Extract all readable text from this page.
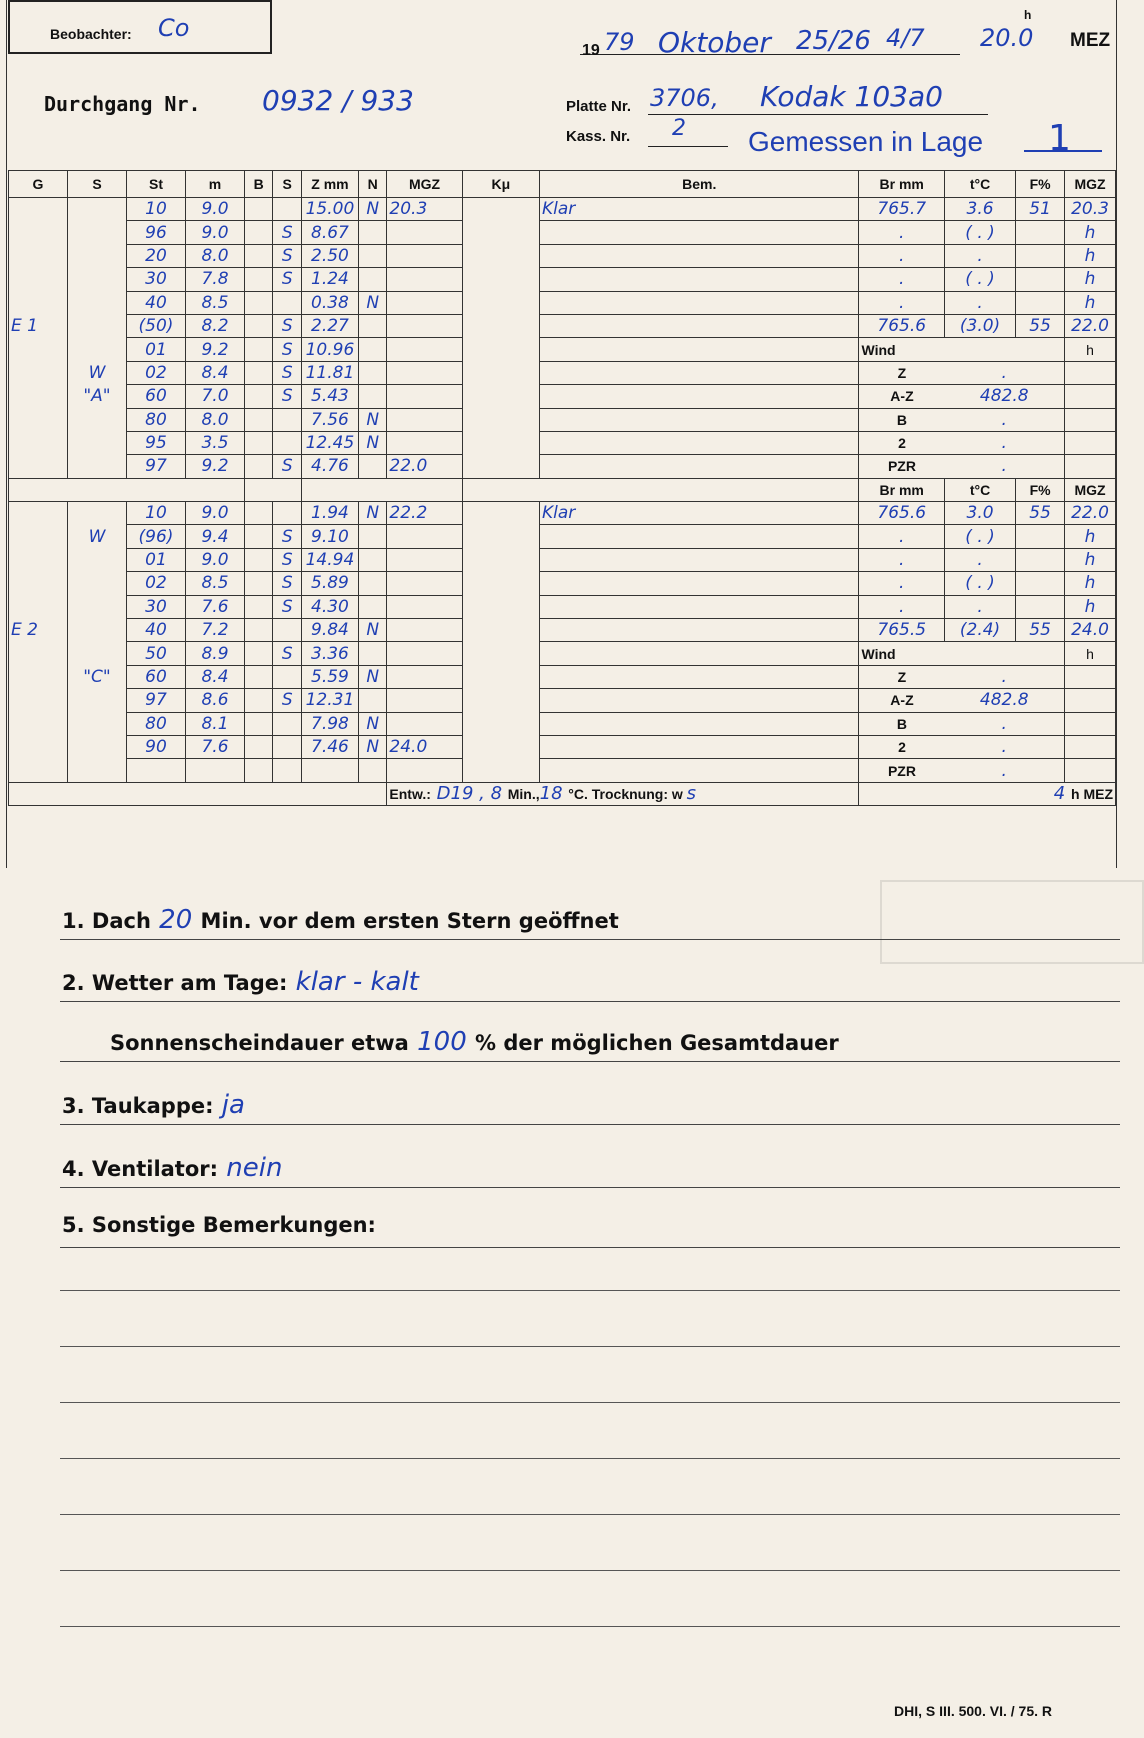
Beobachter: Co
19 79 Oktober 25/26 4/7
h
20.0 MEZ
Durchgang Nr. 0932 / 933	Platte Nr. 3706, Kodak 103a0
Kass. Nr. 2 Gemessen in Lage 1
G	S	St	m	B	S	Z mm	N	MGZ	Kμ	Bem.	Br mm	t°C	F%	MGZ
		10	9.0			15.00	N	20.3		Klar	765.7	3.6	51	20.3
		96	9.0		S	8.67					.	( . )		h
		20	8.0		S	2.50					.	.		h
		30	7.8		S	1.24					.	( . )		h
		40	8.5			0.38	N				.	.		h
E 1		(50)	8.2		S	2.27					765.6	(3.0)	55	22.0
		01	9.2		S	10.96					Wind			h
	W	02	8.4		S	11.81					Z	.		
	"A"	60	7.0		S	5.43					A-Z	482.8		
		80	8.0			7.56	N				B	.		
		95	3.5			12.45	N				2	.		
		97	9.2		S	4.76		22.0			PZR	.		
											Br mm	t°C	F%	MGZ
		10	9.0			1.94	N	22.2		Klar	765.6	3.0	55	22.0
	W	(96)	9.4		S	9.10					.	( . )		h
		01	9.0		S	14.94					.	.		h
		02	8.5		S	5.89					.	( . )		h
		30	7.6		S	4.30					.	.		h
E 2		40	7.2			9.84	N				765.5	(2.4)	55	24.0
		50	8.9		S	3.36					Wind			h
	"C"	60	8.4			5.59	N				Z	.		
		97	8.6		S	12.31					A-Z	482.8		
		80	8.1			7.98	N				B	.		
		90	7.6			7.46	N	24.0			2	.		
											PZR	.		
								Entw.: D19 , 8 Min.,18 °C. Trocknung: w s			4 h MEZ			
1. Dach 20 Min. vor dem ersten Stern geöffnet
2. Wetter am Tage: klar - kalt
Sonnenscheindauer etwa 100 % der möglichen Gesamtdauer
3. Taukappe: ja
4. Ventilator: nein
5. Sonstige Bemerkungen:
DHI, S III. 500. VI. / 75. R
